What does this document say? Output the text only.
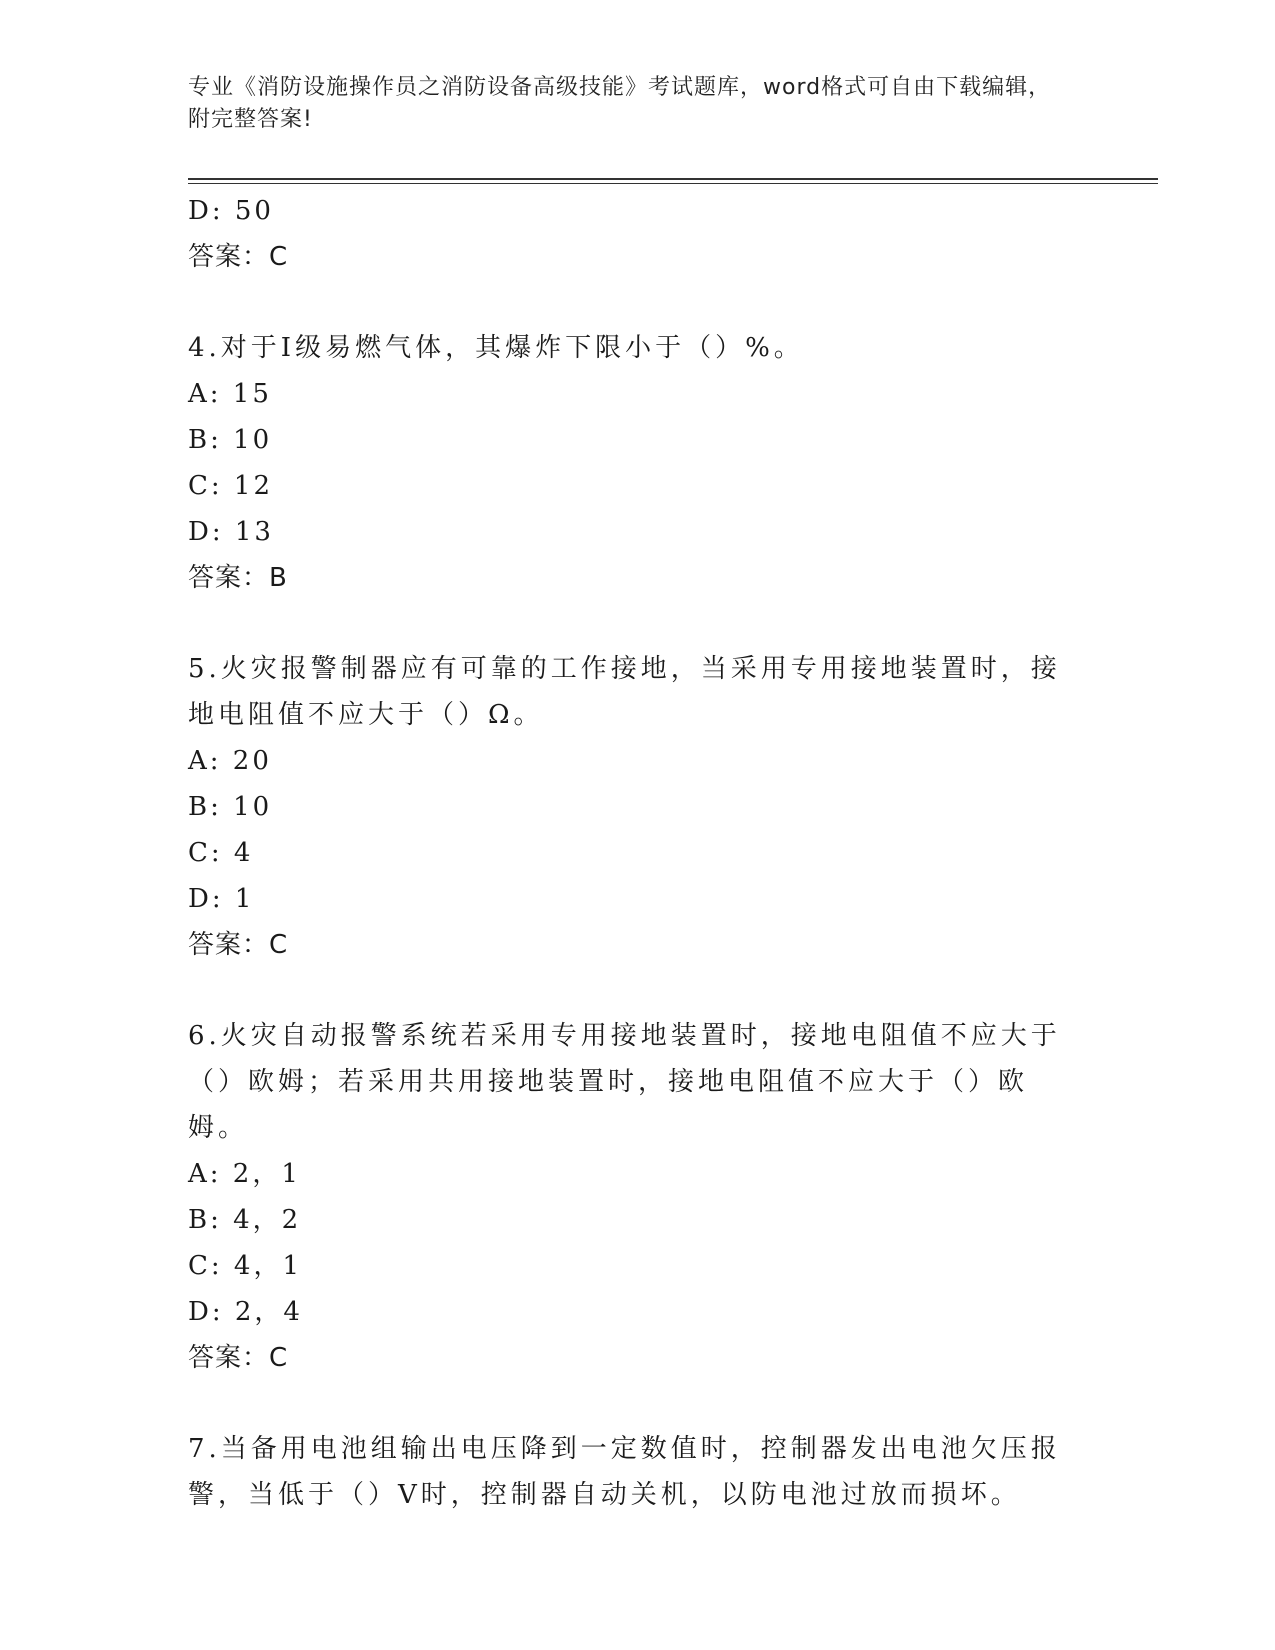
专业《消防设施操作员之消防设备高级技能》考试题库，word格式可自由下载编辑，附完整答案!
D: 50
答案：C
4.对于Ⅰ级易燃气体，其爆炸下限小于（）%。
A: 15
B: 10
C: 12
D: 13
答案：B
5.火灾报警制器应有可靠的工作接地，当采用专用接地装置时，接地电阻值不应大于（）Ω。
A: 20
B: 10
C: 4
D: 1
答案：C
6.火灾自动报警系统若采用专用接地装置时，接地电阻值不应大于（）欧姆；若采用共用接地装置时，接地电阻值不应大于（）欧姆。
A: 2，1
B: 4，2
C: 4，1
D: 2，4
答案：C
7.当备用电池组输出电压降到一定数值时，控制器发出电池欠压报警，当低于（）V时，控制器自动关机，以防电池过放而损坏。
